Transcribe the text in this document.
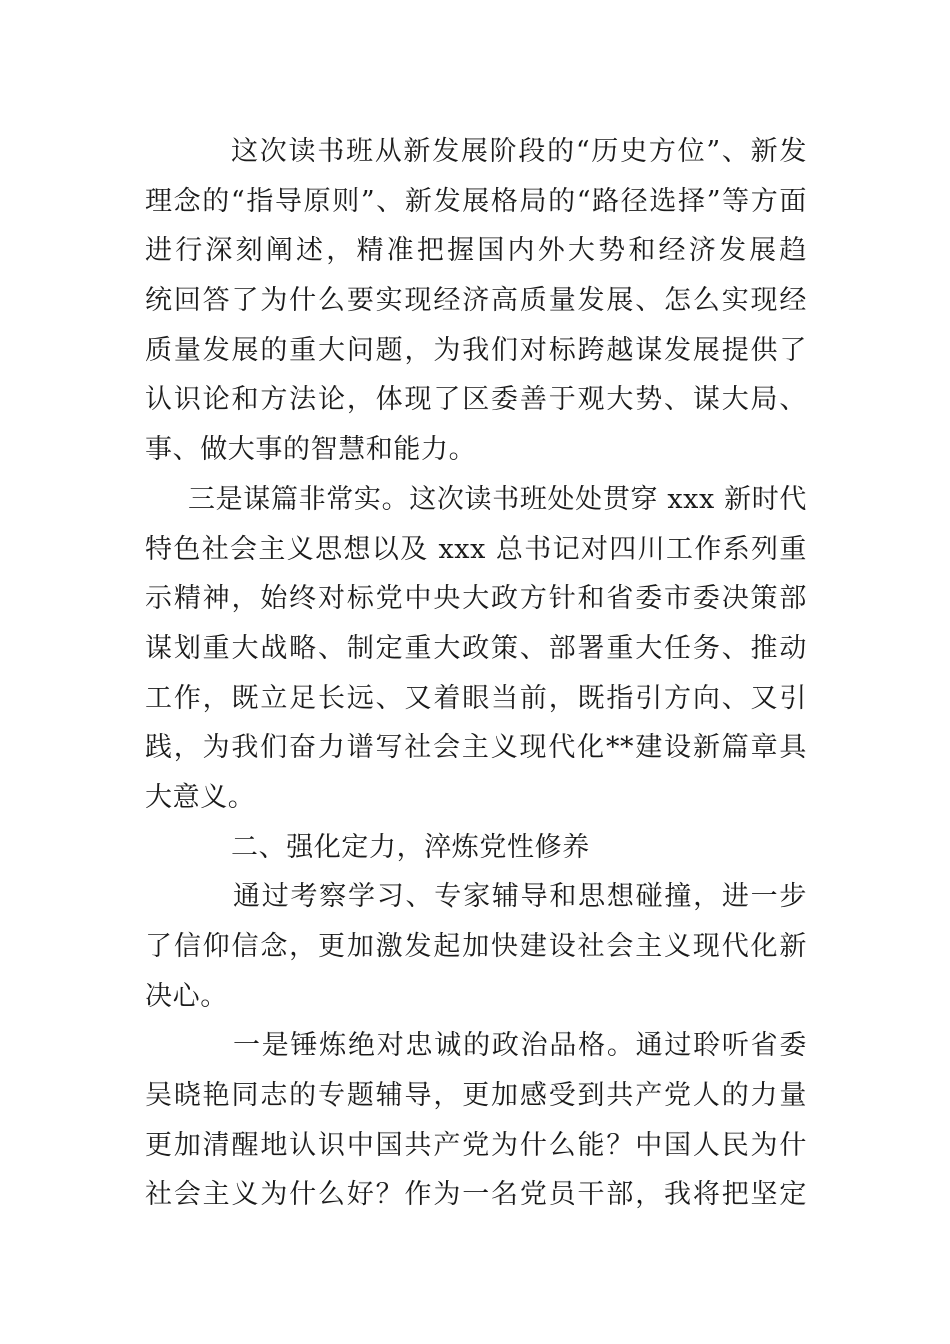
这次读书班从新发展阶段的“历史方位”、新发
理念的“指导原则”、新发展格局的“路径选择”等方面
进行深刻阐述，精准把握国内外大势和经济发展趋
统回答了为什么要实现经济高质量发展、怎么实现经
质量发展的重大问题，为我们对标跨越谋发展提供了
认识论和方法论，体现了区委善于观大势、谋大局、
事、做大事的智慧和能力。
三是谋篇非常实。这次读书班处处贯穿 xxx 新时代
特色社会主义思想以及 xxx 总书记对四川工作系列重
示精神，始终对标党中央大政方针和省委市委决策部
谋划重大战略、制定重大政策、部署重大任务、推动
工作，既立足长远、又着眼当前，既指引方向、又引
践，为我们奋力谱写社会主义现代化**建设新篇章具
大意义。
二、强化定力，淬炼党性修养
通过考察学习、专家辅导和思想碰撞，进一步
了信仰信念，更加激发起加快建设社会主义现代化新
决心。
一是锤炼绝对忠诚的政治品格。通过聆听省委
吴晓艳同志的专题辅导，更加感受到共产党人的力量
更加清醒地认识中国共产党为什么能？中国人民为什
社会主义为什么好？作为一名党员干部，我将把坚定
